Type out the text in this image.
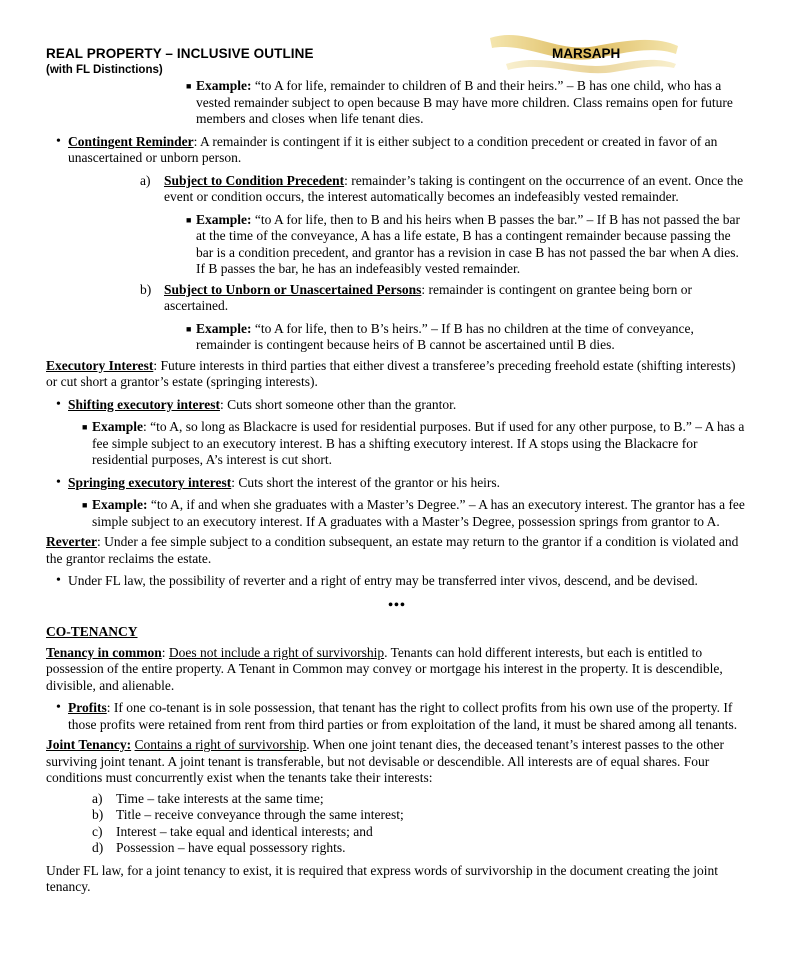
REAL PROPERTY – INCLUSIVE OUTLINE
(with FL Distinctions)
MARSAPH
■ Example: “to A for life, remainder to children of B and their heirs.” – B has one child, who has a vested remainder subject to open because B may have more children. Class remains open for future members and closes when life tenant dies.
• Contingent Reminder: A remainder is contingent if it is either subject to a condition precedent or created in favor of an unascertained or unborn person.
a)	Subject to Condition Precedent: remainder’s taking is contingent on the occurrence of an event. Once the event or condition occurs, the interest automatically becomes an indefeasibly vested remainder.
■ Example: “to A for life, then to B and his heirs when B passes the bar.” – If B has not passed the bar at the time of the conveyance, A has a life estate, B has a contingent remainder because passing the bar is a condition precedent, and grantor has a revision in case B has not passed the bar when A dies. If B passes the bar, he has an indefeasibly vested remainder.
b) Subject to Unborn or Unascertained Persons: remainder is contingent on grantee being born or ascertained.
■ Example: “to A for life, then to B’s heirs.” – If B has no children at the time of conveyance, remainder is contingent because heirs of B cannot be ascertained until B dies.

Executory Interest: Future interests in third parties that either divest a transferee’s preceding freehold estate (shifting interests) or cut short a grantor’s estate (springing interests).

• Shifting executory interest: Cuts short someone other than the grantor.
■ Example: “to A, so long as Blackacre is used for residential purposes. But if used for any other purpose, to B.” – A has a fee simple subject to an executory interest. B has a shifting executory interest. If A stops using the Blackacre for residential purposes, A’s interest is cut short.
• Springing executory interest: Cuts short the interest of the grantor or his heirs.
■ Example: “to A, if and when she graduates with a Master’s Degree.” – A has an executory interest. The grantor has a fee simple subject to an executory interest. If A graduates with a Master’s Degree, possession springs from grantor to A.

Reverter: Under a fee simple subject to a condition subsequent, an estate may return to the grantor if a condition is violated and the grantor reclaims the estate.

• Under FL law, the possibility of reverter and a right of entry may be transferred inter vivos, descend, and be devised.
•••

CO-TENANCY

Tenancy in common: Does not include a right of survivorship. Tenants can hold different interests, but each is entitled to possession of the entire property. A Tenant in Common may convey or mortgage his interest in the property. It is descendible, divisible, and alienable.

• Profits: If one co-tenant is in sole possession, that tenant has the right to collect profits from his own use of the property. If those profits were retained from rent from third parties or from exploitation of the land, it must be shared among all tenants.

Joint Tenancy: Contains a right of survivorship. When one joint tenant dies, the deceased tenant’s interest passes to the other surviving joint tenant. A joint tenant is transferable, but not devisable or descendible. All interests are of equal shares. Four conditions must concurrently exist when the tenants take their interests:

a)	Time – take interests at the same time;
b) Title – receive conveyance through the same interest;
c)	Interest – take equal and identical interests; and
d) Possession – have equal possessory rights.

Under FL law, for a joint tenancy to exist, it is required that express words of survivorship in the document creating the joint tenancy.
